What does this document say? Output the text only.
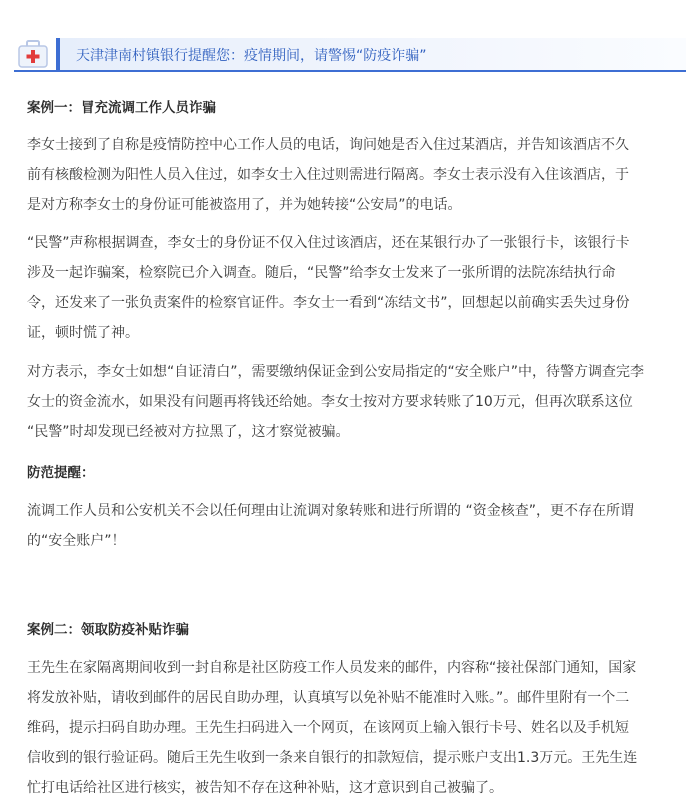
天津津南村镇银行提醒您：疫情期间，请警惕“防疫诈骗”
案例一：冒充流调工作人员诈骗
李女士接到了自称是疫情防控中心工作人员的电话，询问她是否入住过某酒店，并告知该酒店不久
前有核酸检测为阳性人员入住过，如李女士入住过则需进行隔离。李女士表示没有入住该酒店，于
是对方称李女士的身份证可能被盗用了，并为她转接“公安局”的电话。
“民警”声称根据调查，李女士的身份证不仅入住过该酒店，还在某银行办了一张银行卡，该银行卡
涉及一起诈骗案，检察院已介入调查。随后，“民警”给李女士发来了一张所谓的法院冻结执行命
令，还发来了一张负责案件的检察官证件。李女士一看到“冻结文书”，回想起以前确实丢失过身份
证，顿时慌了神。
对方表示，李女士如想“自证清白”，需要缴纳保证金到公安局指定的“安全账户”中，待警方调查完李
女士的资金流水，如果没有问题再将钱还给她。李女士按对方要求转账了10万元，但再次联系这位
“民警”时却发现已经被对方拉黑了，这才察觉被骗。
防范提醒：
流调工作人员和公安机关不会以任何理由让流调对象转账和进行所谓的 “资金核查”，更不存在所谓
的“安全账户”！
案例二：领取防疫补贴诈骗
王先生在家隔离期间收到一封自称是社区防疫工作人员发来的邮件，内容称“接社保部门通知，国家
将发放补贴，请收到邮件的居民自助办理，认真填写以免补贴不能准时入账。”。邮件里附有一个二
维码，提示扫码自助办理。王先生扫码进入一个网页，在该网页上输入银行卡号、姓名以及手机短
信收到的银行验证码。随后王先生收到一条来自银行的扣款短信，提示账户支出1.3万元。王先生连
忙打电话给社区进行核实，被告知不存在这种补贴，这才意识到自己被骗了。
